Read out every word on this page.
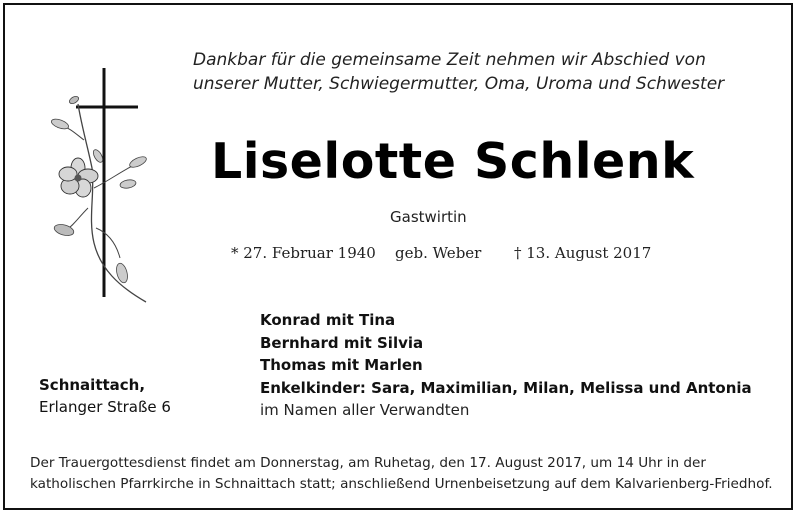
Dankbar für die gemeinsame Zeit nehmen wir Abschied von
unserer Mutter, Schwiegermutter, Oma, Uroma und Schwester

Liselotte Schlenk
Gastwirtin
* 27. Februar 1940 geb. Weber † 13. August 2017
Konrad mit Tina
Bernhard mit Silvia
Thomas mit Marlen
Enkelkinder: Sara, Maximilian, Milan, Melissa und Antonia
im Namen aller Verwandten
Schnaittach,
Erlanger Straße 6
Der Trauergottesdienst findet am Donnerstag, am Ruhetag, den 17. August 2017, um 14 Uhr in der
katholischen Pfarrkirche in Schnaittach statt; anschließend Urnenbeisetzung auf dem Kalvarienberg-Friedhof.
